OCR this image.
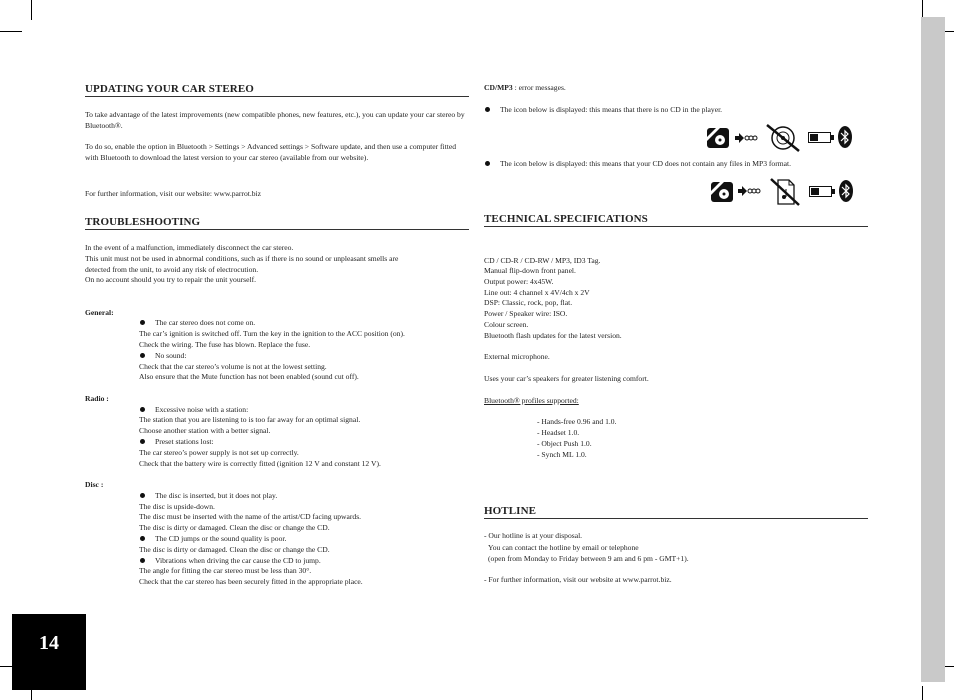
14
UPDATING YOUR CAR STEREO
To take advantage of the latest improvements (new compatible phones, new features, etc.), you can update your car stereo by Bluetooth®.
To do so, enable the option in Bluetooth > Settings > Advanced settings > Software update, and then use a computer fitted with Bluetooth to download the latest version to your car stereo (available from our website).
For further information, visit our website: www.parrot.biz
TROUBLESHOOTING
In the event of a malfunction, immediately disconnect the car stereo.
This unit must not be used in abnormal conditions, such as if there is no sound or unpleasant smells are
detected from the unit, to avoid any risk of electrocution.
On no account should you try to repair the unit yourself.
General:
The car stereo does not come on.
The car’s ignition is switched off. Turn the key in the ignition to the ACC position (on).
Check the wiring. The fuse has blown. Replace the fuse.
No sound:
Check that the car stereo’s volume is not at the lowest setting.
Also ensure that the Mute function has not been enabled (sound cut off).
Radio :
Excessive noise with a station:
The station that you are listening to is too far away for an optimal signal.
Choose another station with a better signal.
Preset stations lost:
The car stereo’s power supply is not set up correctly.
Check that the battery wire is correctly fitted (ignition 12 V and constant 12 V).
Disc :
The disc is inserted, but it does not play.
The disc is upside-down.
The disc must be inserted with the name of the artist/CD facing upwards.
The disc is dirty or damaged. Clean the disc or change the CD.
The CD jumps or the sound quality is poor.
The disc is dirty or damaged. Clean the disc or change the CD.
Vibrations when driving the car cause the CD to jump.
The angle for fitting the car stereo must be less than 30°.
Check that the car stereo has been securely fitted in the appropriate place.
CD/MP3 : error messages.
The icon below is displayed: this means that there is no CD in the player.
The icon below is displayed: this means that your CD does not contain any files in MP3 format.
TECHNICAL SPECIFICATIONS
CD / CD-R / CD-RW / MP3, ID3 Tag.
Manual flip-down front panel.
Output power: 4x45W.
Line out: 4 channel x 4V/4ch x 2V
DSP: Classic, rock, pop, flat.
Power / Speaker wire: ISO.
Colour screen.
Bluetooth flash updates for the latest version.
External microphone.
Uses your car’s speakers for greater listening comfort.
Bluetooth® profiles supported:
- Hands-free 0.96 and 1.0.
- Headset 1.0.
- Object Push 1.0.
- Synch ML 1.0.
HOTLINE
- Our hotline is at your disposal.
You can contact the hotline by email or telephone
(open from Monday to Friday between 9 am and 6 pm - GMT+1).
- For further information, visit our website at www.parrot.biz.
